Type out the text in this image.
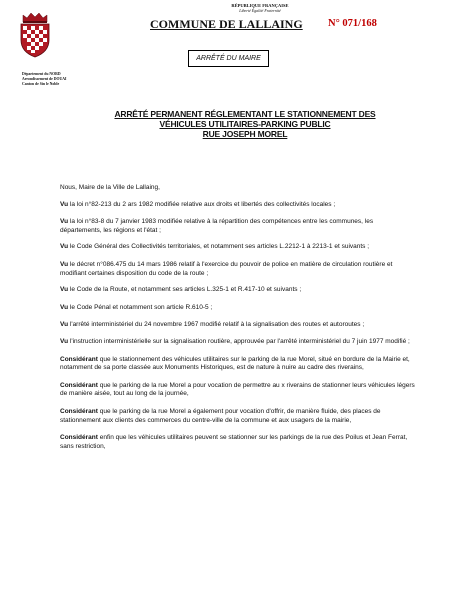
RÉPUBLIQUE FRANÇAISE
Liberté Égalité Fraternité
COMMUNE DE LALLAING N° 071/168
ARRÊTÉ DU MAIRE
Département du NORD
Arrondissement de DOUAI
Canton de Sin le Noble
ARRÊTÉ PERMANENT RÉGLEMENTANT LE STATIONNEMENT DES
VÉHICULES UTILITAIRES-PARKING PUBLIC
RUE JOSEPH MOREL

Nous, Maire de la Ville de Lallaing,

Vu la loi n°82-213 du 2 ars 1982 modifiée relative aux droits et libertés des collectivités locales ;

Vu la loi n°83-8 du 7 janvier 1983 modifiée relative à la répartition des compétences entre les communes, les départements, les régions et l'état ;

Vu le Code Général des Collectivités territoriales, et notamment ses articles L.2212-1 à 2213-1 et suivants ;

Vu le décret n°086.475 du 14 mars 1986 relatif à l'exercice du pouvoir de police en matière de circulation routière et modifiant certaines disposition du code de la route ;

Vu le Code de la Route, et notamment ses articles L.325-1 et R.417-10 et suivants ;

Vu le Code Pénal et notamment son article R.610-5 ;

Vu l'arrêté interministériel du 24 novembre 1967 modifié relatif à la signalisation des routes et autoroutes ;

Vu l'instruction interministérielle sur la signalisation routière, approuvée par l'arrêté interministériel du 7 juin 1977 modifié ;

Considérant que le stationnement des véhicules utilitaires sur le parking de la rue Morel, situé en bordure de la Mairie et, notamment de sa porte classée aux Monuments Historiques, est de nature à nuire au cadre des riverains,

Considérant que le parking de la rue Morel a pour vocation de permettre au x riverains de stationner leurs véhicules légers de manière aisée, tout au long de la journée,

Considérant que le parking de la rue Morel a également pour vocation d'offrir, de manière fluide, des places de stationnement aux clients des commerces du centre-ville de la commune et aux usagers de la mairie,

Considérant enfin que les véhicules utilitaires peuvent se stationner sur les parkings de la rue des Poilus et Jean Ferrat, sans restriction,
